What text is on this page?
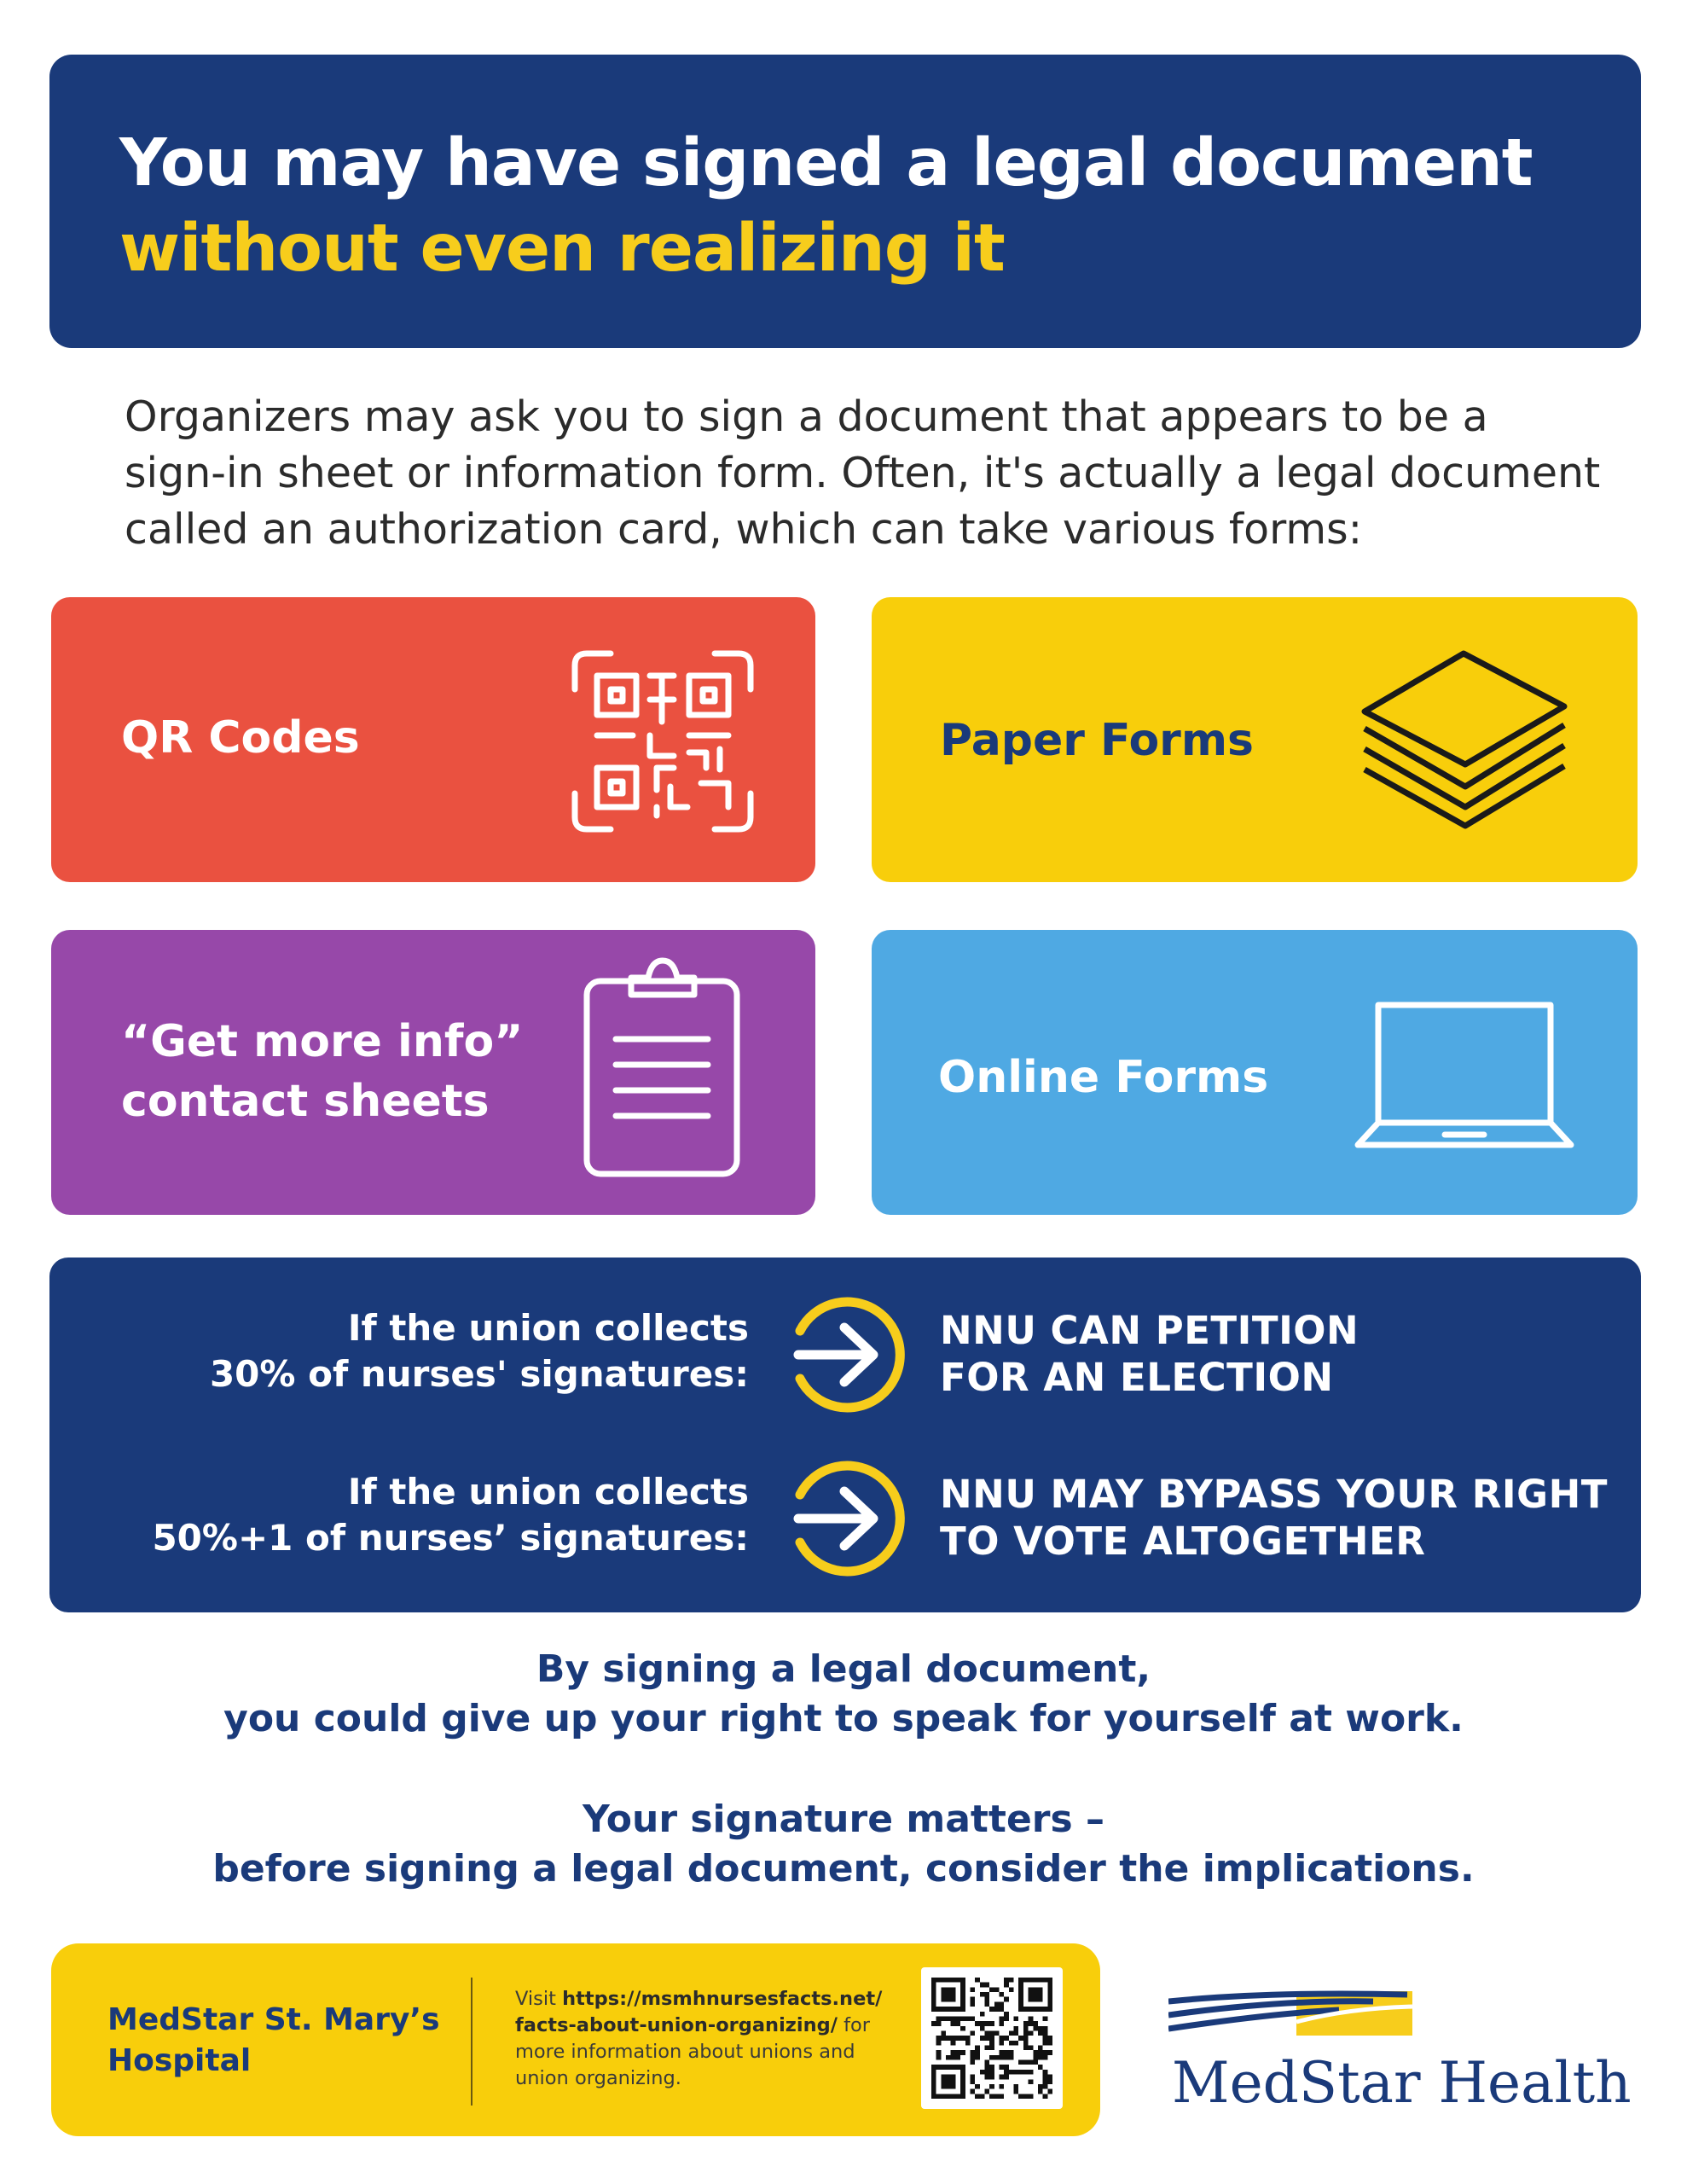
You may have signed a legal document
without even realizing it
Organizers may ask you to sign a document that appears to be a
sign-in sheet or information form. Often, it's actually a legal document
called an authorization card, which can take various forms:
QR Codes	Paper Forms
“Get more info”
contact sheets	Online Forms
If the union collects
30% of nurses' signatures:
NNU CAN PETITION
FOR AN ELECTION
If the union collects
50%+1 of nurses’ signatures:
NNU MAY BYPASS YOUR RIGHT
TO VOTE ALTOGETHER
By signing a legal document,
you could give up your right to speak for yourself at work.
Your signature matters –
before signing a legal document, consider the implications.
MedStar St. Mary’s
Hospital
Visit https://msmhnursesfacts.net/
facts-about-union-organizing/ for
more information about unions and
union organizing.	MedStar Health
